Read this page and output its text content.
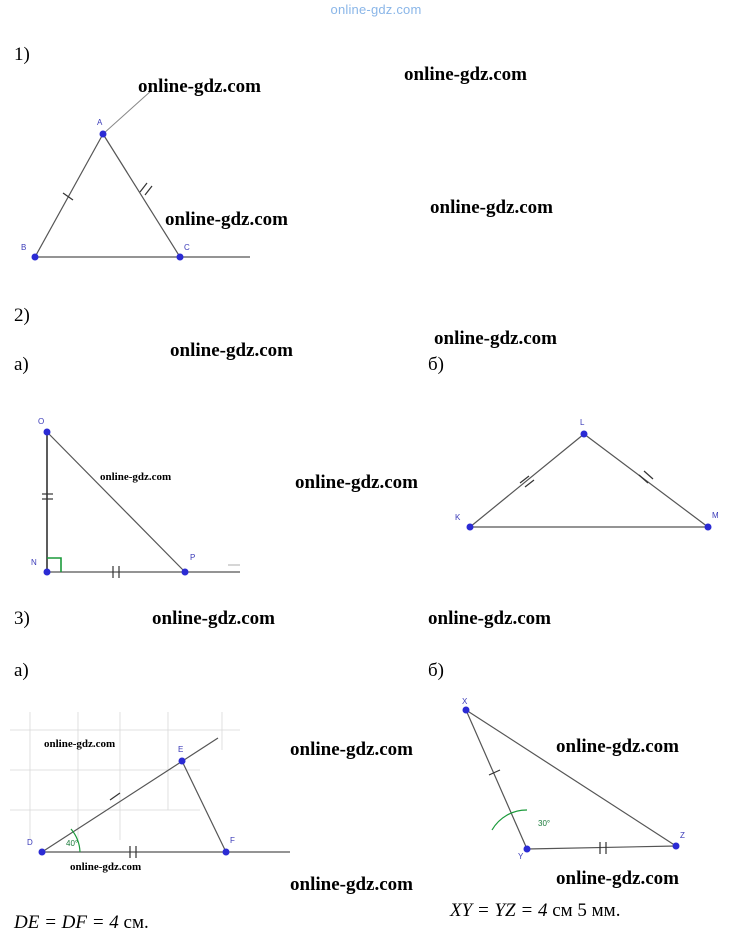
online-gdz.com
1)
2)
а)	б)
3)
а)	б)
A
B	C
O
N
P
L
K	M
D
E
F
40°
X
Y
Z
30°
DE = DF = 4 см.
XY = YZ = 4 см 5 мм.
online-gdz.com
online-gdz.com
online-gdz.com
online-gdz.com
online-gdz.com
online-gdz.com
online-gdz.com	online-gdz.com
online-gdz.com	online-gdz.com
online-gdz.com	online-gdz.com	online-gdz.com
online-gdz.com
online-gdz.com	online-gdz.com
